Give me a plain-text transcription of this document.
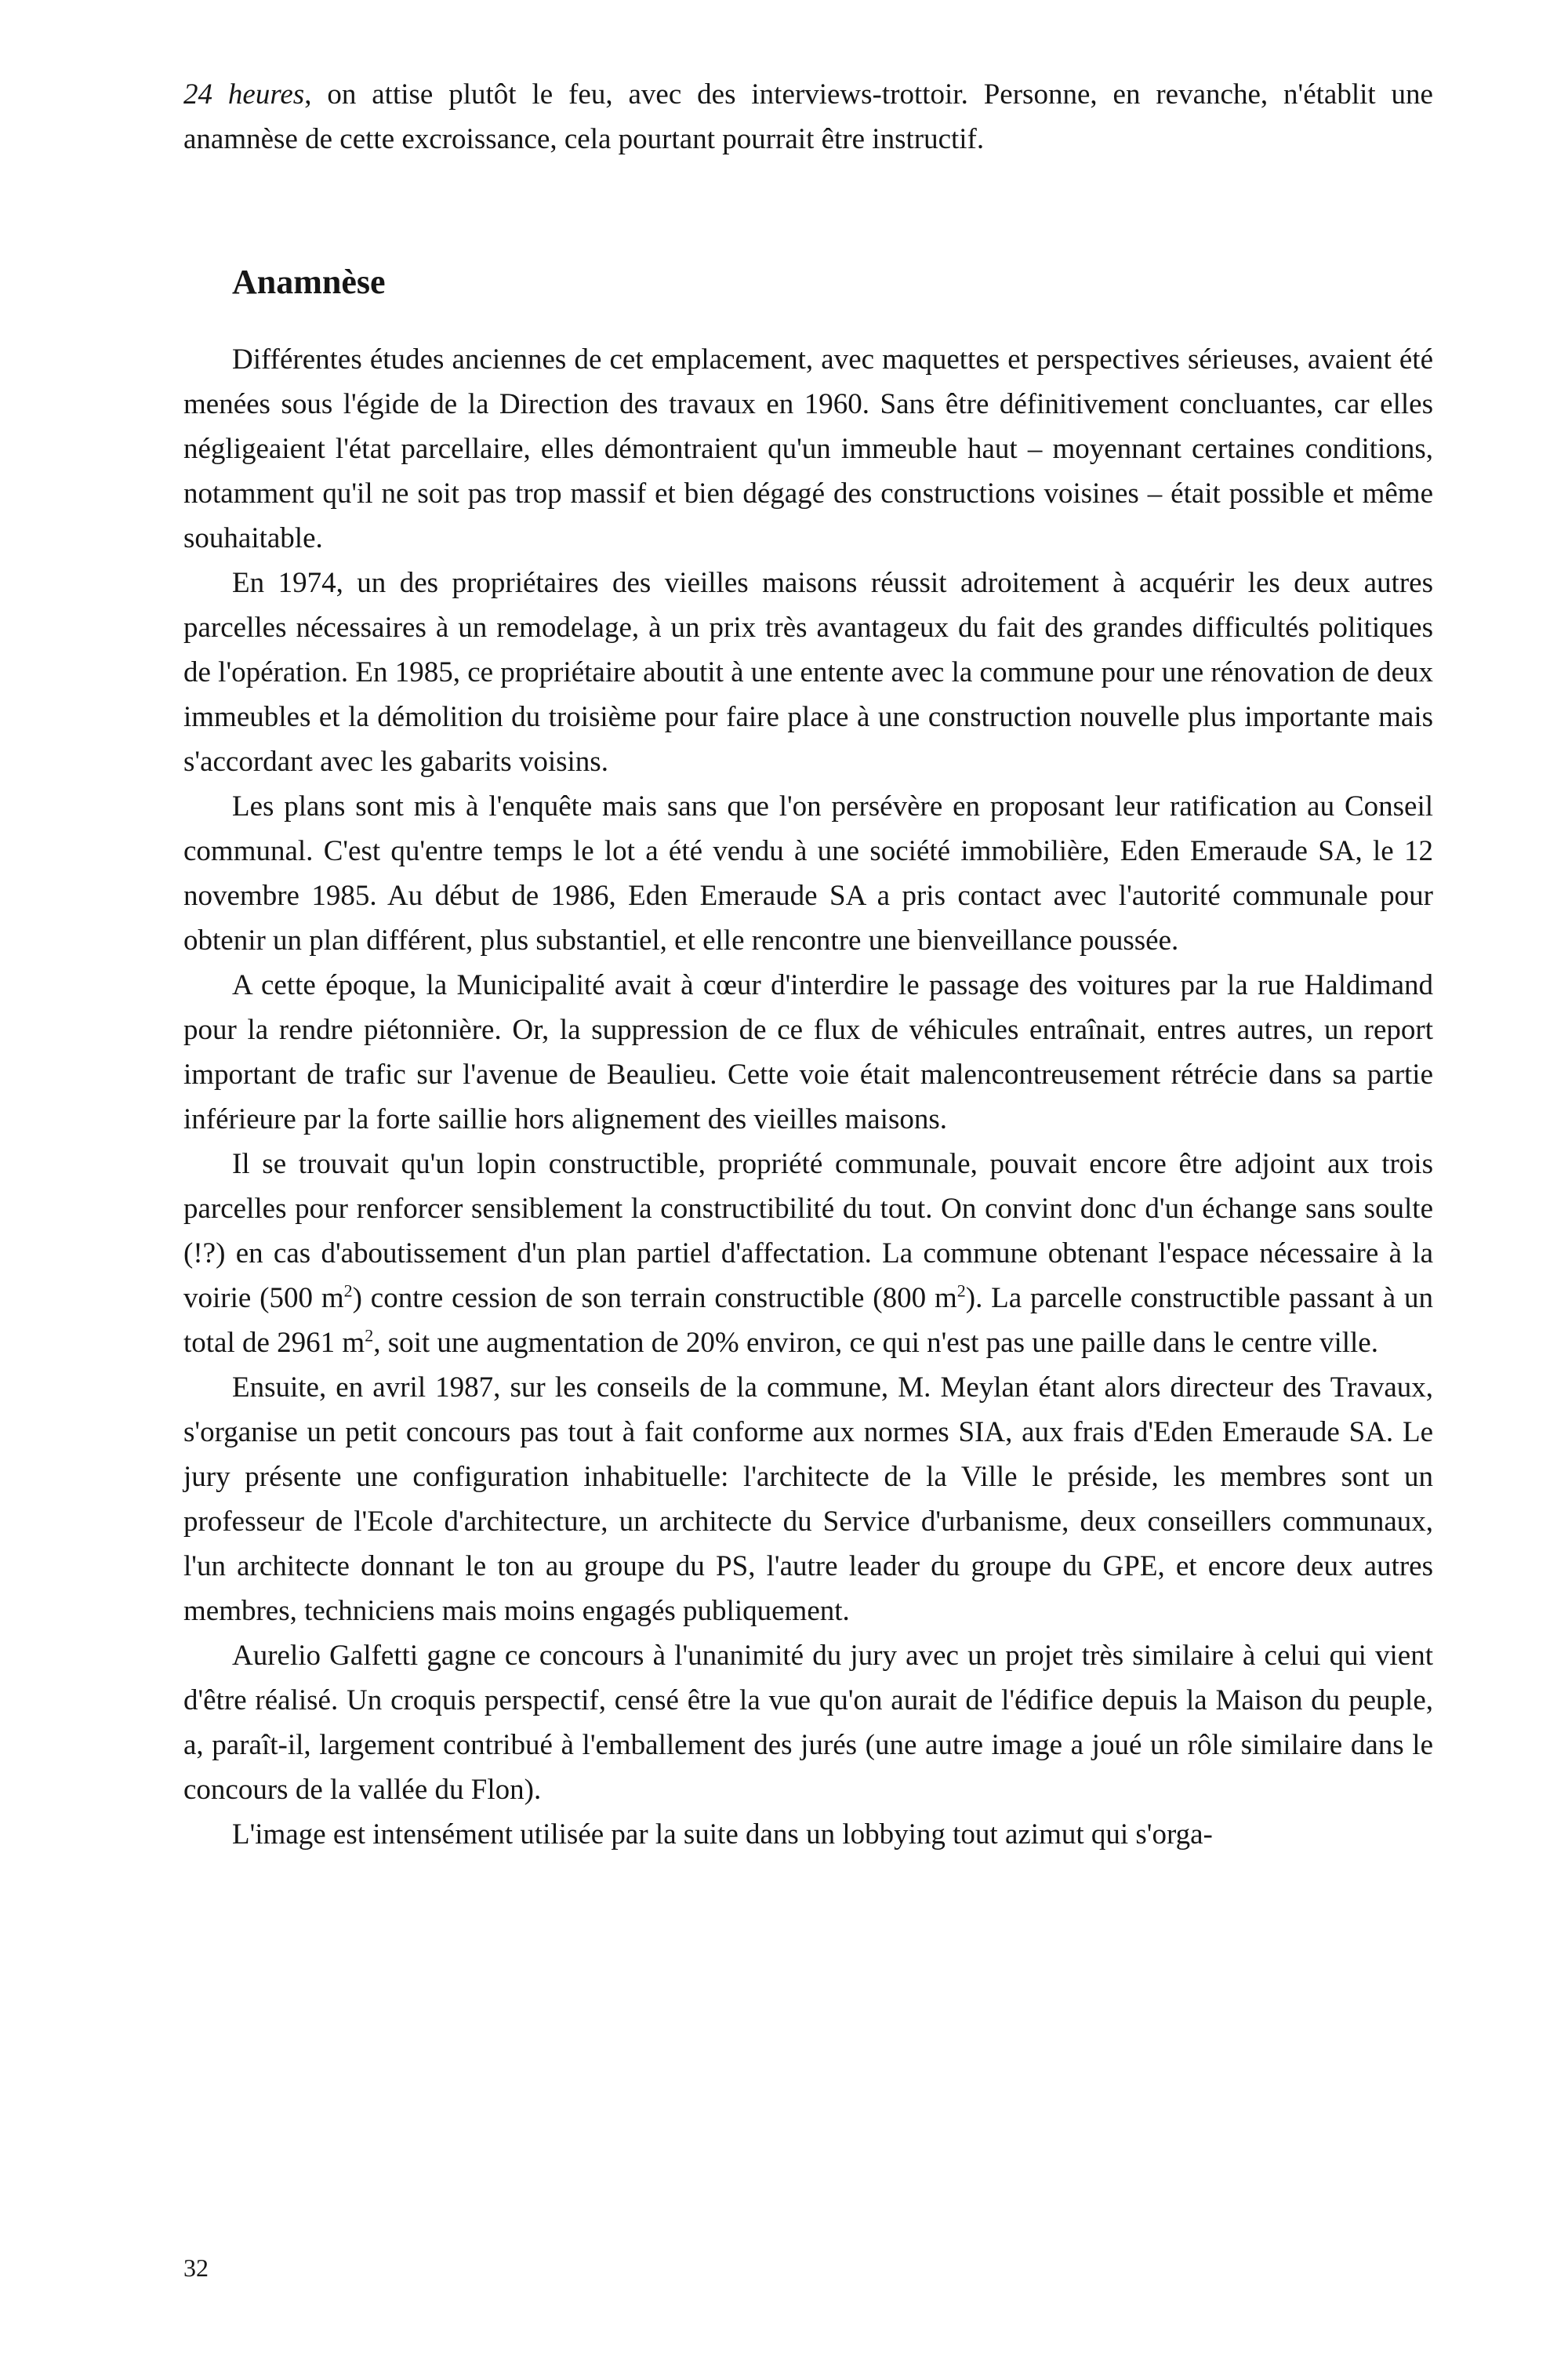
24 heures, on attise plutôt le feu, avec des interviews-trottoir. Personne, en revanche, n'établit une anamnèse de cette excroissance, cela pourtant pourrait être instructif.

Anamnèse

Différentes études anciennes de cet emplacement, avec maquettes et perspectives sérieuses, avaient été menées sous l'égide de la Direction des travaux en 1960. Sans être définitivement concluantes, car elles négligeaient l'état parcellaire, elles démontraient qu'un immeuble haut – moyennant certaines conditions, notamment qu'il ne soit pas trop massif et bien dégagé des constructions voisines – était possible et même souhaitable.

En 1974, un des propriétaires des vieilles maisons réussit adroitement à acquérir les deux autres parcelles nécessaires à un remodelage, à un prix très avantageux du fait des grandes difficultés politiques de l'opération. En 1985, ce propriétaire aboutit à une entente avec la commune pour une rénovation de deux immeubles et la démolition du troisième pour faire place à une construction nouvelle plus importante mais s'accordant avec les gabarits voisins.

Les plans sont mis à l'enquête mais sans que l'on persévère en proposant leur ratification au Conseil communal. C'est qu'entre temps le lot a été vendu à une société immobilière, Eden Emeraude SA, le 12 novembre 1985. Au début de 1986, Eden Emeraude SA a pris contact avec l'autorité communale pour obtenir un plan différent, plus substantiel, et elle rencontre une bienveillance poussée.

A cette époque, la Municipalité avait à cœur d'interdire le passage des voitures par la rue Haldimand pour la rendre piétonnière. Or, la suppression de ce flux de véhicules entraînait, entres autres, un report important de trafic sur l'avenue de Beaulieu. Cette voie était malencontreusement rétrécie dans sa partie inférieure par la forte saillie hors alignement des vieilles maisons.

Il se trouvait qu'un lopin constructible, propriété communale, pouvait encore être adjoint aux trois parcelles pour renforcer sensiblement la constructibilité du tout. On convint donc d'un échange sans soulte (!?) en cas d'aboutissement d'un plan partiel d'affectation. La commune obtenant l'espace nécessaire à la voirie (500 $m^2$) contre cession de son terrain constructible (800 $m^2$). La parcelle constructible passant à un total de 2961 $m^2$, soit une augmentation de 20% environ, ce qui n'est pas une paille dans le centre ville.

Ensuite, en avril 1987, sur les conseils de la commune, M. Meylan étant alors directeur des Travaux, s'organise un petit concours pas tout à fait conforme aux normes SIA, aux frais d'Eden Emeraude SA. Le jury présente une configuration inhabituelle: l'architecte de la Ville le préside, les membres sont un professeur de l'Ecole d'architecture, un architecte du Service d'urbanisme, deux conseillers communaux, l'un architecte donnant le ton au groupe du PS, l'autre leader du groupe du GPE, et encore deux autres membres, techniciens mais moins engagés publiquement.

Aurelio Galfetti gagne ce concours à l'unanimité du jury avec un projet très similaire à celui qui vient d'être réalisé. Un croquis perspectif, censé être la vue qu'on aurait de l'édifice depuis la Maison du peuple, a, paraît-il, largement contribué à l'emballement des jurés (une autre image a joué un rôle similaire dans le concours de la vallée du Flon).

L'image est intensément utilisée par la suite dans un lobbying tout azimut qui s'orga-

32
